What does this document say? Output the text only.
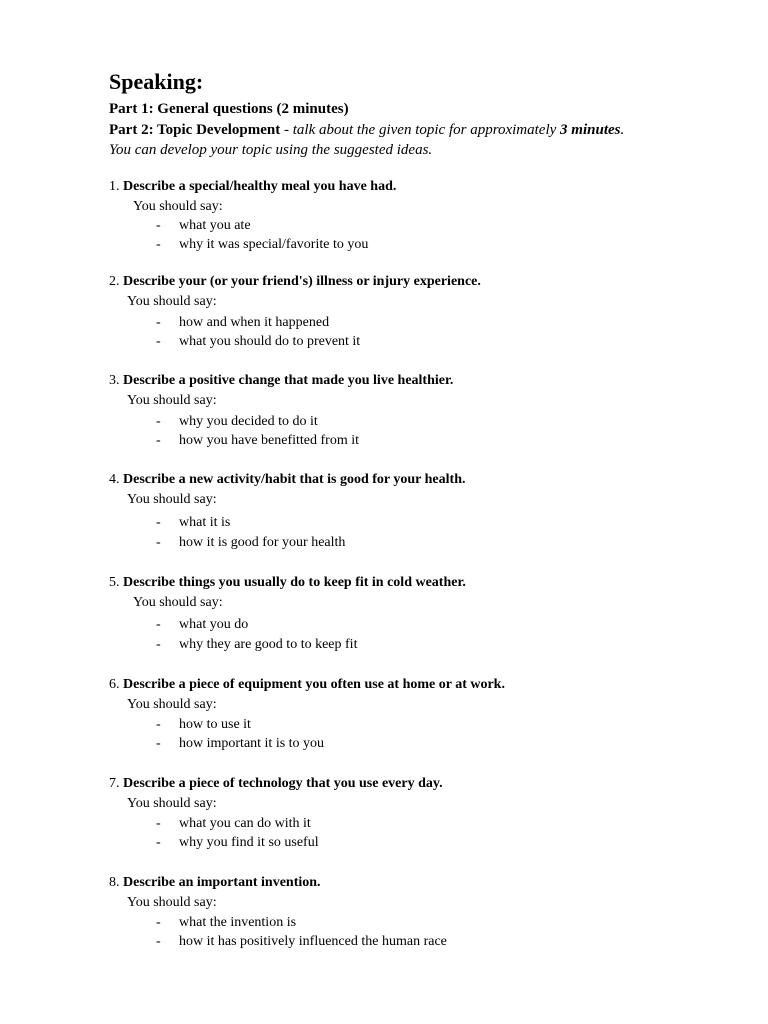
Speaking:

Part 1: General questions (2 minutes)

Part 2: Topic Development - talk about the given topic for approximately 3 minutes.
You can develop your topic using the suggested ideas.

1. Describe a special/healthy meal you have had.
You should say:
- what you ate
- why it was special/favorite to you
2. Describe your (or your friend's) illness or injury experience.
You should say:
- how and when it happened
- what you should do to prevent it
3. Describe a positive change that made you live healthier.
You should say:
- why you decided to do it
- how you have benefitted from it
4. Describe a new activity/habit that is good for your health.
You should say:
- what it is
- how it is good for your health
5. Describe things you usually do to keep fit in cold weather.
You should say:
- what you do
- why they are good to to keep fit
6. Describe a piece of equipment you often use at home or at work.
You should say:
- how to use it
- how important it is to you
7. Describe a piece of technology that you use every day.
You should say:
- what you can do with it
- why you find it so useful
8. Describe an important invention.
You should say:
- what the invention is
- how it has positively influenced the human race
